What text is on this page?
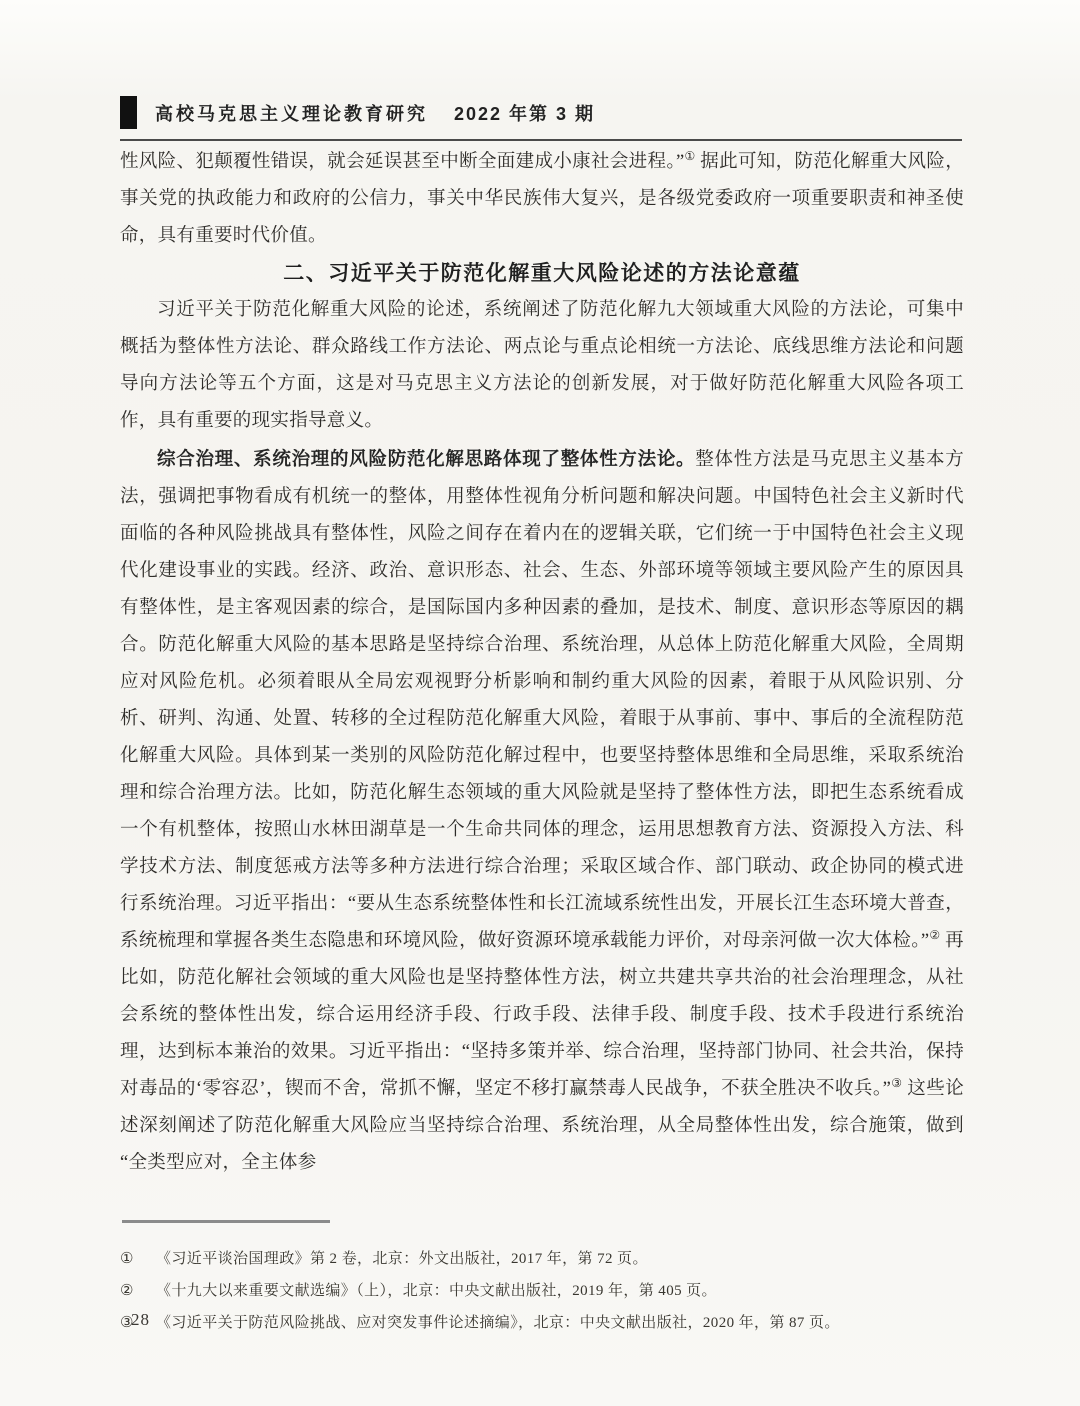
高校马克思主义理论教育研究 2022 年第 3 期

性风险、犯颠覆性错误，就会延误甚至中断全面建成小康社会进程。”① 据此可知，防范化解重大风险，事关党的执政能力和政府的公信力，事关中华民族伟大复兴，是各级党委政府一项重要职责和神圣使命，具有重要时代价值。

二、习近平关于防范化解重大风险论述的方法论意蕴

习近平关于防范化解重大风险的论述，系统阐述了防范化解九大领域重大风险的方法论，可集中概括为整体性方法论、群众路线工作方法论、两点论与重点论相统一方法论、底线思维方法论和问题导向方法论等五个方面，这是对马克思主义方法论的创新发展，对于做好防范化解重大风险各项工作，具有重要的现实指导意义。

综合治理、系统治理的风险防范化解思路体现了整体性方法论。整体性方法是马克思主义基本方法，强调把事物看成有机统一的整体，用整体性视角分析问题和解决问题。中国特色社会主义新时代面临的各种风险挑战具有整体性，风险之间存在着内在的逻辑关联，它们统一于中国特色社会主义现代化建设事业的实践。经济、政治、意识形态、社会、生态、外部环境等领域主要风险产生的原因具有整体性，是主客观因素的综合，是国际国内多种因素的叠加，是技术、制度、意识形态等原因的耦合。防范化解重大风险的基本思路是坚持综合治理、系统治理，从总体上防范化解重大风险，全周期应对风险危机。必须着眼从全局宏观视野分析影响和制约重大风险的因素，着眼于从风险识别、分析、研判、沟通、处置、转移的全过程防范化解重大风险，着眼于从事前、事中、事后的全流程防范化解重大风险。具体到某一类别的风险防范化解过程中，也要坚持整体思维和全局思维，采取系统治理和综合治理方法。比如，防范化解生态领域的重大风险就是坚持了整体性方法，即把生态系统看成一个有机整体，按照山水林田湖草是一个生命共同体的理念，运用思想教育方法、资源投入方法、科学技术方法、制度惩戒方法等多种方法进行综合治理；采取区域合作、部门联动、政企协同的模式进行系统治理。习近平指出：“要从生态系统整体性和长江流域系统性出发，开展长江生态环境大普查，系统梳理和掌握各类生态隐患和环境风险，做好资源环境承载能力评价，对母亲河做一次大体检。”② 再比如，防范化解社会领域的重大风险也是坚持整体性方法，树立共建共享共治的社会治理理念，从社会系统的整体性出发，综合运用经济手段、行政手段、法律手段、制度手段、技术手段进行系统治理，达到标本兼治的效果。习近平指出：“坚持多策并举、综合治理，坚持部门协同、社会共治，保持对毒品的‘零容忍’，锲而不舍，常抓不懈，坚定不移打赢禁毒人民战争，不获全胜决不收兵。”③ 这些论述深刻阐述了防范化解重大风险应当坚持综合治理、系统治理，从全局整体性出发，综合施策，做到“全类型应对，全主体参

①	《习近平谈治国理政》第 2 卷，北京：外文出版社，2017 年，第 72 页。
②	《十九大以来重要文献选编》（上），北京：中央文献出版社，2019 年，第 405 页。
③	《习近平关于防范风险挑战、应对突发事件论述摘编》，北京：中央文献出版社，2020 年，第 87 页。
28
